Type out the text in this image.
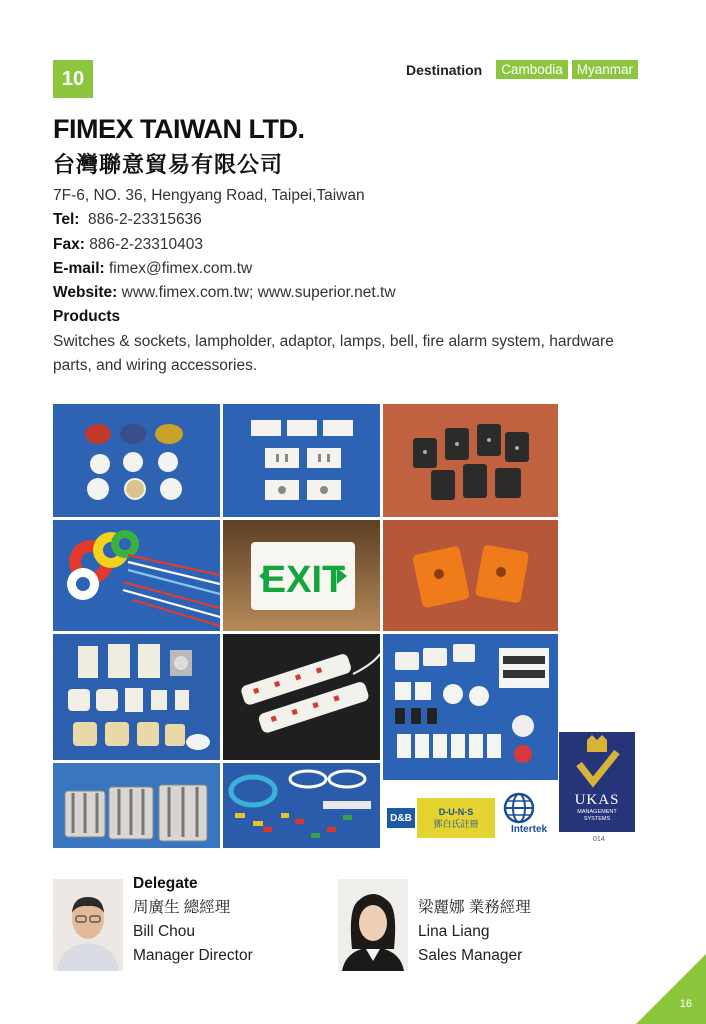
10	Destination	Cambodia	Myanmar
FIMEX TAIWAN LTD.
台灣聯意貿易有限公司
7F-6, NO. 36, Hengyang Road, Taipei,Taiwan
Tel: 886-2-23315636
Fax: 886-2-23310403
E-mail: fimex@fimex.com.tw
Website: www.fimex.com.tw; www.superior.net.tw
Products
Switches & sockets, lampholder, adaptor, lamps, bell, fire alarm system, hardware parts, and wiring accessories.
EXIT
D&B
D-U-N-S
鄧白氏註冊
Intertek
UKAS
MANAGEMENT SYSTEMS
014
Delegate
周廣生 總經理
Bill Chou
Manager Director
梁麗娜 業務經理
Lina Liang
Sales Manager
16
